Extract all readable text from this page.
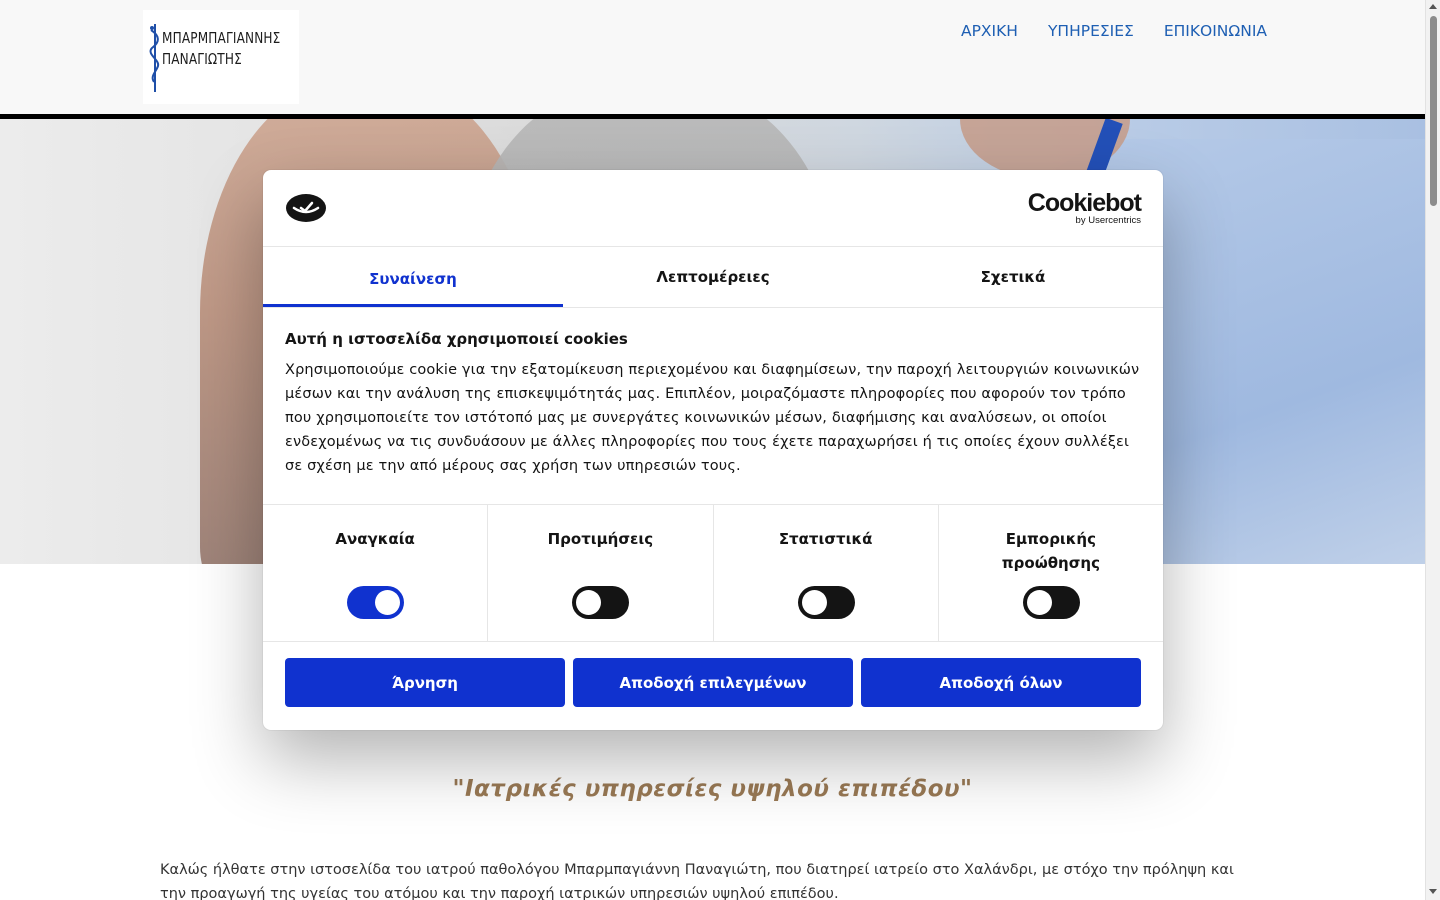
ΜΠΑΡΜΠΑΓΙΑΝΝΗΣ
ΠΑΝΑΓΙΩΤΗΣ
ΑΡΧΙΚΗ ΥΠΗΡΕΣΙΕΣ ΕΠΙΚΟΙΝΩΝΙΑ
"Ιατρικές υπηρεσίες υψηλού επιπέδου"

Καλώς ήλθατε στην ιστοσελίδα του ιατρού παθολόγου Μπαρμπαγιάννη Παναγιώτη, που διατηρεί ιατρείο στο Χαλάνδρι, με στόχο την πρόληψη και την προαγωγή της υγείας του ατόμου και την παροχή ιατρικών υπηρεσιών υψηλού επιπέδου.

Cookiebot
by Usercentrics
Συναίνεση	Λεπτομέρειες	Σχετικά
Αυτή η ιστοσελίδα χρησιμοποιεί cookies

Χρησιμοποιούμε cookie για την εξατομίκευση περιεχομένου και διαφημίσεων, την παροχή λειτουργιών κοινωνικών μέσων και την ανάλυση της επισκεψιμότητάς μας. Επιπλέον, μοιραζόμαστε πληροφορίες που αφορούν τον τρόπο που χρησιμοποιείτε τον ιστότοπό μας με συνεργάτες κοινωνικών μέσων, διαφήμισης και αναλύσεων, οι οποίοι ενδεχομένως να τις συνδυάσουν με άλλες πληροφορίες που τους έχετε παραχωρήσει ή τις οποίες έχουν συλλέξει σε σχέση με την από μέρους σας χρήση των υπηρεσιών τους.

Αναγκαία	Προτιμήσεις	Στατιστικά	Εμπορικής προώθησης
Άρνηση	Αποδοχή επιλεγμένων	Αποδοχή όλων
